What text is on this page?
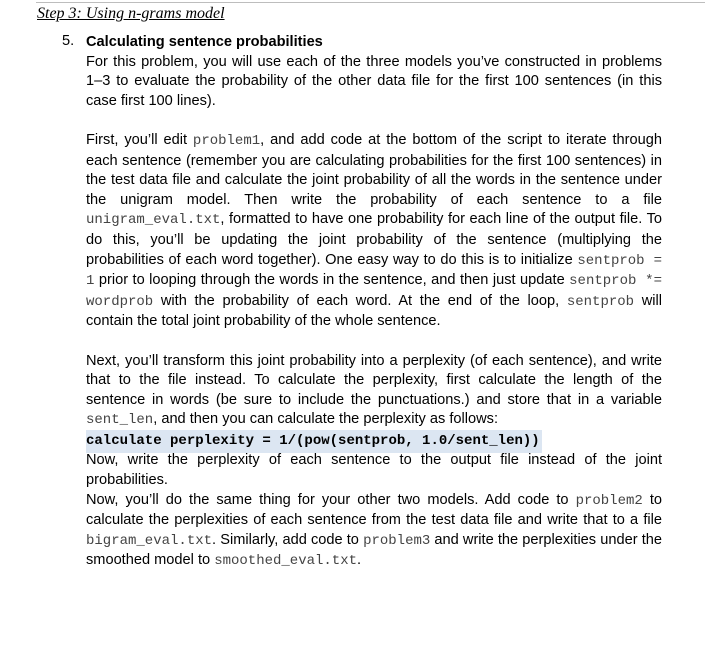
Step 3: Using n-grams model
5. Calculating sentence probabilities

For this problem, you will use each of the three models you’ve constructed in problems 1–3 to evaluate the probability of the other data file for the first 100 sentences (in this case first 100 lines).

First, you’ll edit problem1, and add code at the bottom of the script to iterate through each sentence (remember you are calculating probabilities for the first 100 sentences) in the test data file and calculate the joint probability of all the words in the sentence under the unigram model. Then write the probability of each sentence to a file unigram_eval.txt, formatted to have one probability for each line of the output file. To do this, you’ll be updating the joint probability of the sentence (multiplying the probabilities of each word together). One easy way to do this is to initialize sentprob = 1 prior to looping through the words in the sentence, and then just update sentprob *= wordprob with the probability of each word. At the end of the loop, sentprob will contain the total joint probability of the whole sentence.

Next, you’ll transform this joint probability into a perplexity (of each sentence), and write that to the file instead. To calculate the perplexity, first calculate the length of the sentence in words (be sure to include the punctuations.) and store that in a variable sent_len, and then you can calculate the perplexity as follows:

calculate perplexity = 1/(pow(sentprob, 1.0/sent_len))

Now, write the perplexity of each sentence to the output file instead of the joint probabilities.

Now, you’ll do the same thing for your other two models. Add code to problem2 to calculate the perplexities of each sentence from the test data file and write that to a file bigram_eval.txt. Similarly, add code to problem3 and write the perplexities under the smoothed model to smoothed_eval.txt.
